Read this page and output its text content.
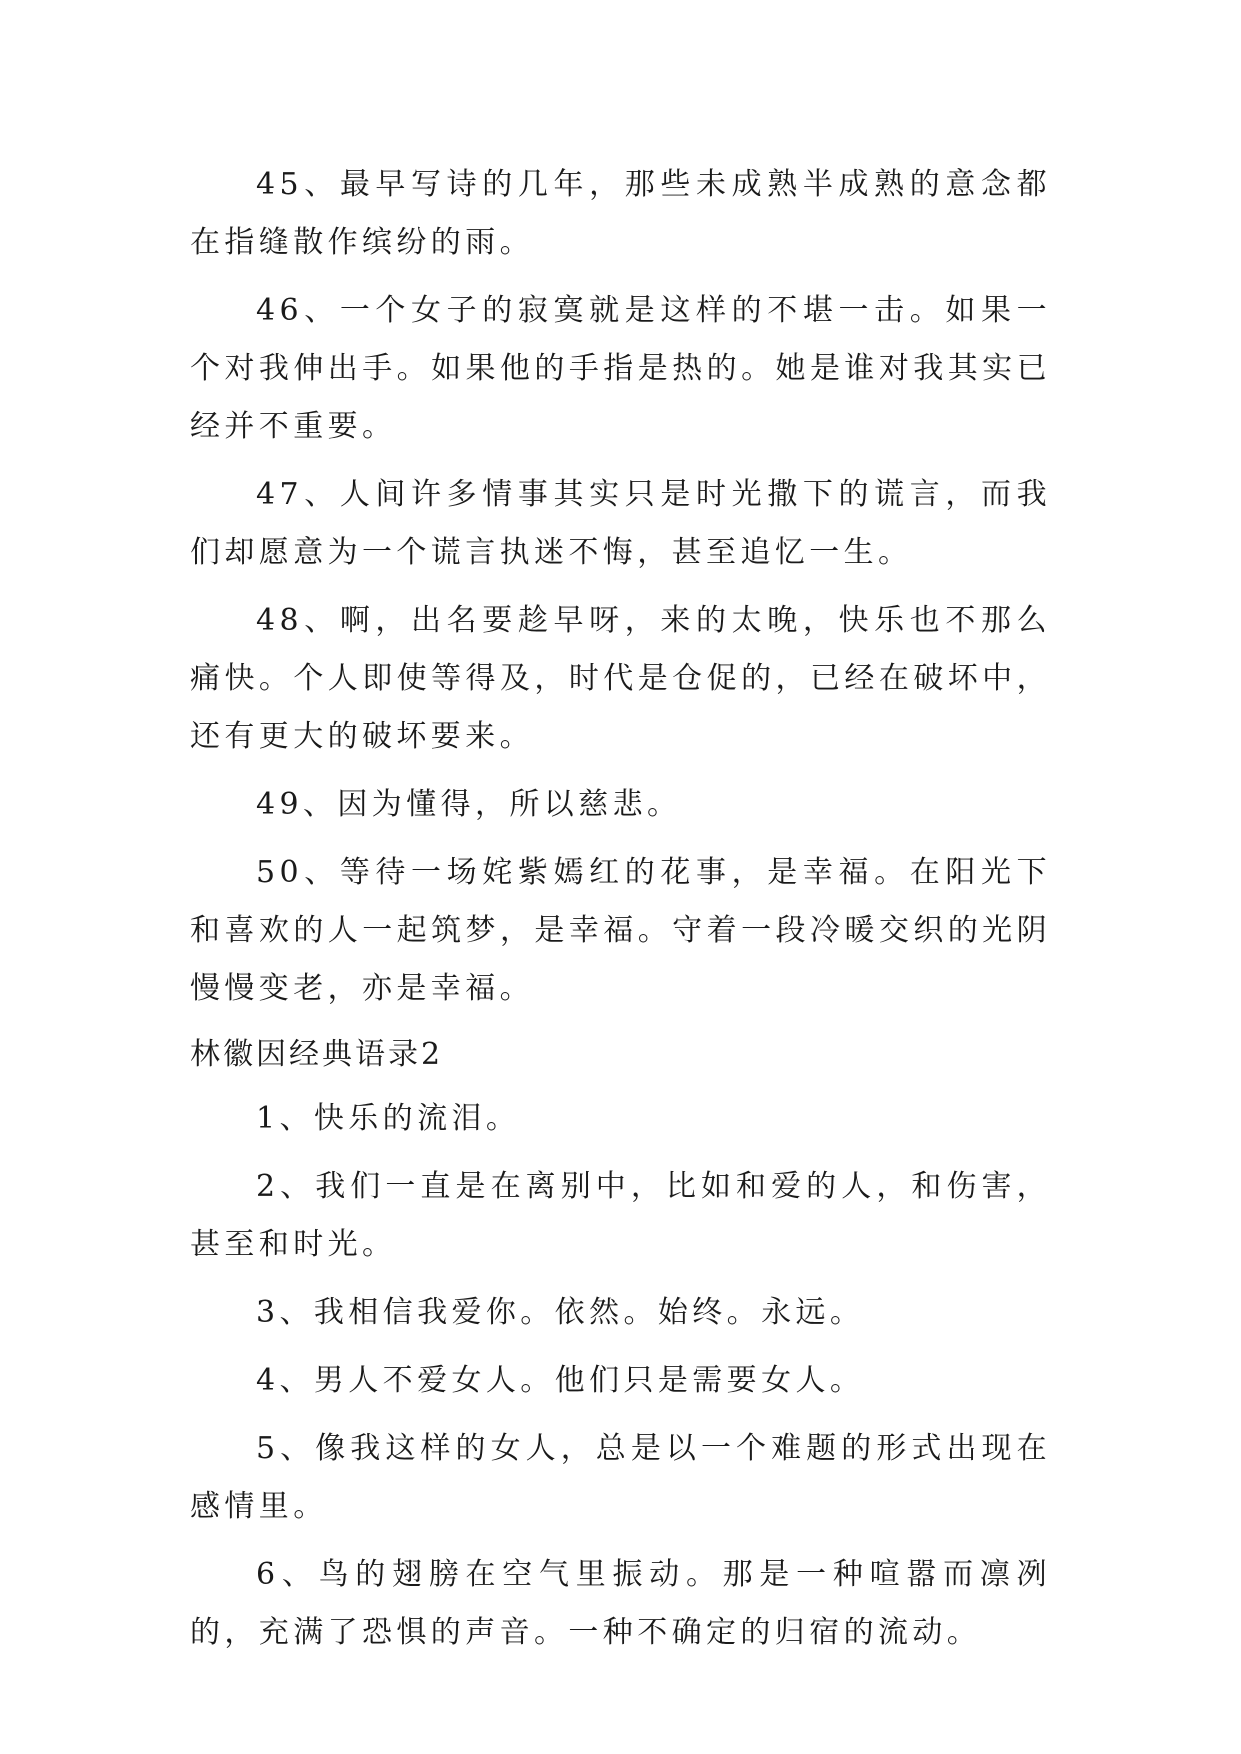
45、最早写诗的几年，那些未成熟半成熟的意念都在指缝散作缤纷的雨。

46、一个女子的寂寞就是这样的不堪一击。如果一个对我伸出手。如果他的手指是热的。她是谁对我其实已经并不重要。

47、人间许多情事其实只是时光撒下的谎言，而我们却愿意为一个谎言执迷不悔，甚至追忆一生。

48、啊，出名要趁早呀，来的太晚，快乐也不那么痛快。个人即使等得及，时代是仓促的，已经在破坏中，还有更大的破坏要来。

49、因为懂得，所以慈悲。

50、等待一场姹紫嫣红的花事，是幸福。在阳光下和喜欢的人一起筑梦，是幸福。守着一段冷暖交织的光阴慢慢变老，亦是幸福。

林徽因经典语录2

1、快乐的流泪。

2、我们一直是在离别中，比如和爱的人，和伤害，甚至和时光。

3、我相信我爱你。依然。始终。永远。

4、男人不爱女人。他们只是需要女人。

5、像我这样的女人，总是以一个难题的形式出现在感情里。

6、鸟的翅膀在空气里振动。那是一种喧嚣而凛冽的，充满了恐惧的声音。一种不确定的归宿的流动。
